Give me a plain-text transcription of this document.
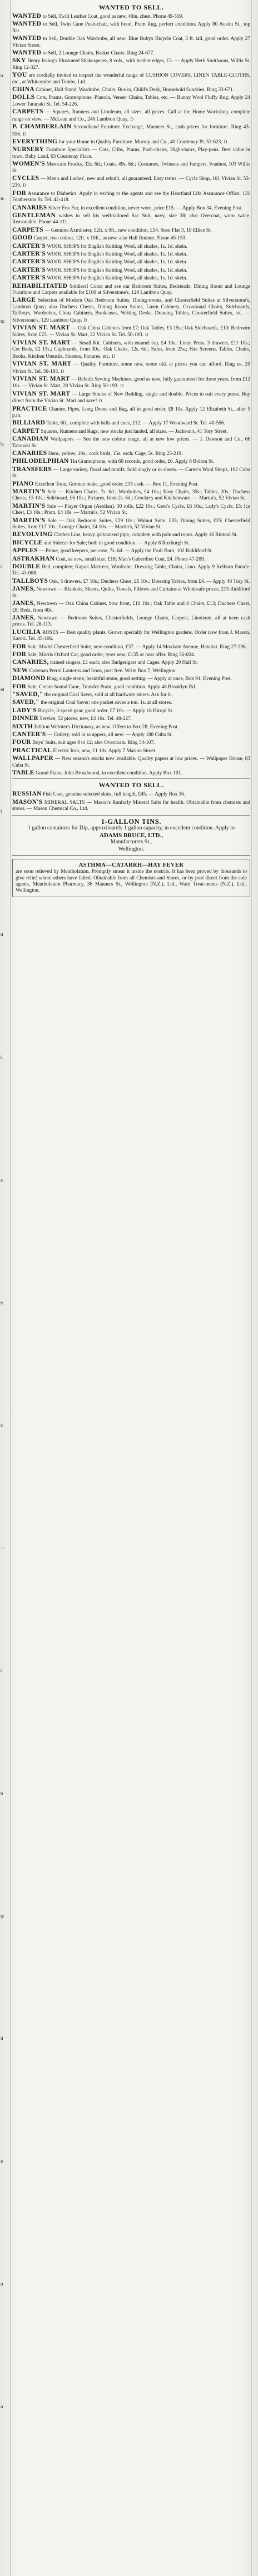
n.
a-
to
ls
t
el
f
d
l.
s
e
s
—
l.
h
ty
d
e
a
a
WANTED TO SELL.

WANTED to Sell, Twill Leather Coat, good as new, 40in. chest. Phone 49-559.

WANTED to Sell, Twin Cane Push-chair, with hood, Pram Rug, perfect condition. Apply 80 Austin St., top flat.

WANTED to Sell, Double Oak Wardrobe, all new; Blue Rubyx Bicycle Coat, 3 ft. tall, good order. Apply 27 Vivian Street.

WANTED to Sell, 2 Lounge Chairs, Basket Chairs. Ring 24-677.

SKY Henry Irving's Illustrated Shakespeare, 8 vols., with leather edges, £3. — Apply Herb Smithsons, Willis St. Ring 12-327.

YOU are cordially invited to inspect the wonderful range of CUSHION COVERS, LINEN TABLE-CLOTHS, etc., at Whitcombe and Tombs, Ltd.

CHINA Cabinet, Hall Stand, Wardrobe, Chairs, Books, Child's Desk, Household Sundries. Ring 33-671.

DOLLS Cots, Prams, Gramophone, Pianola, Veneer Chairs, Tables, etc. — Bunny Wool Fluffy Rug. Apply 24 Lower Taranaki St. Tel. 54-226.

CARPETS — Squares, Runners and Linoleum, all sizes, all prices. Call at the Home Workshop, complete range on view. — McLean and Co., 246 Lambton Quay. D

P. CHAMBERLAIN Secondhand Furniture Exchange, Manners St., cash prices for furniture. Ring 43-556. D

EVERYTHING for your Home in Quality Furniture. Murray and Co., 40 Courtenay Pl. 52-623. D

NURSERY Furniture Specialists — Cots, Cribs, Prams, Push-chairs, High-chairs, Play-pens. Best value in town. Baby Land, 63 Courtenay Place.

WOMEN'S Marocain Frocks, 32s. 6d.; Coats, 49s. 6d.; Costumes, Twinsets and Jumpers. Ivanhoe, 103 Willis St.

CYCLES — Men's and Ladies', new and rebuilt, all guaranteed. Easy terms. — Cycle Shop, 101 Vivian St. 53-230. D

FOR Assurance to Diabetics. Apply in writing to the agents and see the Heartland Life Assurance Office, 131 Featherston St. Tel. 42-418.

CANARIES Silver Fox Fur, in excellent condition, never worn, price £15. — Apply Box 34, Evening Post.

GENTLEMAN wishes to sell his well-tailored Sac Suit, navy, size 38; also Overcoat, worn twice. Reasonable. Phone 44-111.

CARPETS — Genuine Axminster, 12ft. x 9ft., new condition, £14. Seen Flat 3, 19 Ellice St.

GOOD Carpet, rose colour, 12ft. x 10ft., as new, also Hall Runner. Phone 45-153.

CARTER'S WOOL SHOPS for English Knitting Wool, all shades, 1s. 1d. skein.

CARTER'S WOOL SHOPS for English Knitting Wool, all shades, 1s. 1d. skein.

CARTER'S WOOL SHOPS for English Knitting Wool, all shades, 1s. 1d. skein.

CARTER'S WOOL SHOPS for English Knitting Wool, all shades, 1s. 1d. skein.

CARTER'S WOOL SHOPS for English Knitting Wool, all shades, 1s. 1d. skein.

REHABILITATED Soldiers! Come and see our Bedroom Suites, Bedsteads, Dining Room and Lounge Furniture and Carpets available for £100 at Silverstone's, 129 Lambton Quay.

LARGE Selection of Modern Oak Bedroom Suites, Dining-rooms, and Chesterfield Suites at Silverstone's, Lambton Quay; also Duchess Chests, Dining Room Suites, Linen Cabinets, Occasional Chairs, Sideboards, Tallboys, Wardrobes, China Cabinets, Bookcases, Writing Desks, Drawing Tables, Chesterfield Suites, etc. — Silverstone's, 129 Lambton Quay. D

VIVIAN ST. MART — Oak China Cabinets from £7; Oak Tables, £3 15s.; Oak Sideboards, £10; Bedroom Suites, from £25. — Vivian St. Mart, 22 Vivian St. Tel. 50-193. D

VIVIAN ST. MART — Small Kit. Cabinets, with enamel top, £4 10s.; Linen Press, 3 drawers, £11 10s.; Cot Beds, £2 15s.; Cupboards, from 30s.; Oak Chairs, 12s. 6d.; Safes, from 25s.; Fire Screens, Tables, Chairs, Books, Kitchen Utensils, Heaters, Pictures, etc. D

VIVIAN ST. MART — Quality Furniture, some new, some old, at prices you can afford. Ring us. 20 Vivian St. Tel. 50-193. D

VIVIAN ST. MART — Rebuilt Sewing Machines, good as new, fully guaranteed for three years, from £12 10s. — Vivian St. Mart, 20 Vivian St. Ring 50-193. D

VIVIAN ST. MART — Large Stocks of New Bedding, single and double. Prices to suit every purse. Buy direct from the Vivian St. Mart and save! D

PRACTICE Chanter, Pipes, Long Drone and Bag, all in good order, £8 10s. Apply 12 Elizabeth St., after 5 p.m.

BILLIARD Table, 6ft., complete with balls and cues, £12. — Apply 17 Woodward St. Tel. 40-556.

CARPET Squares, Runners and Rugs; new stocks just landed, all sizes. — Jackson's, 41 Tory Street.

CANADIAN Wallpapers — See the new colour range, all at new low prices. — J. Dawson and Co., 66 Taranaki St.

CANARIES Hens, yellow, 10s.; cock birds, 15s. each; Cage, 5s. Ring 25-219.

PHILODELPHIAN Tin Gramophone, with 60 records, good order, £6. Apply 8 Bolton St.

TRANSFERS — Large variety, floral and motifs. Sold singly or in sheets. — Carter's Wool Shops, 102 Cuba St.

PIANO Excellent Tone, German make, good order, £35 cash. — Box 11, Evening Post.

MARTIN'S Sale — Kitchen Chairs, 7s. 6d.; Wardrobes, £4 10s.; Easy Chairs, 35s.; Tables, 20s.; Duchess Chests, £5 10s.; Sideboard, £6 10s.; Pictures, from 2s. 6d.; Crockery and Kitchenware. — Martin's, 52 Vivian St.

MARTIN'S Sale — Player Organ (Aeolian), 30 rolls, £22 10s.; Gent's Cycle, £6 10s.; Lady's Cycle, £5; Ice Chest, £3 10s.; Pram, £4 10s. — Martin's, 52 Vivian St.

MARTIN'S Sale — Oak Bedroom Suites, £29 10s.; Walnut Suite, £35; Dining Suites, £25; Chesterfield Suites, from £17 10s.; Lounge Chairs, £4 10s. — Martin's, 52 Vivian St.

REVOLVING Clothes Line, heavy galvanised pipe, complete with pole and ropes. Apply 16 Rintoul St.

BICYCLE and Sidecar for Sale; both in good condition. — Apply 8 Roxburgh St.

APPLES — Prime, good keepers, per case, 7s. 6d. — Apply the Fruit Barn, 102 Riddiford St.

ASTRAKHAN Coat, as new, small size, £18; Man's Gaberdine Coat, £4. Phone 47-209.

DOUBLE Bed, complete; Kapok Mattress, Wardrobe, Dressing Table, Chairs, Lino. Apply 9 Kelburn Parade. Tel. 43-008.

TALLBOYS Oak, 5 drawers, £7 10s.; Duchess Chest, £6 10s.; Dressing Tables, from £4. — Apply 48 Tory St.

JANES, Newtown — Blankets, Sheets, Quilts, Towels, Pillows and Curtains at Wholesale prices. 215 Riddiford St.

JANES, Newtown — Oak China Cabinet, bow front, £10 10s.; Oak Table and 4 Chairs, £13; Duchess Chest, £8; Beds, from 40s.

JANES, Newtown — Bedroom Suites, Chesterfields, Lounge Chairs, Carpets, Linoleum, all at keen cash prices. Tel. 28-113.

LUCILIA ROSES — Best quality plants. Grown specially for Wellington gardens. Order now from J. Mason, Karori. Tel. 45-106.

FOR Sale, Model Chesterfield Suite, new condition, £37. — Apply 14 Moxham Avenue, Hataitai. Ring 27-396.

FOR Sale, Morris Oxford Car, good order, tyres new; £135 or near offer. Ring 36-024.

CANARIES, trained singers, £1 each; also Budgerigars and Cages. Apply 29 Hall St.

NEW Coleman Petrol Lanterns and Irons, post free. Write Box 7, Wellington.

DIAMOND Ring, single stone, beautiful stone, good setting. — Apply at once, Box 91, Evening Post.

FOR Sale, Cream Sound Cane, Transfer Pram, good condition. Apply 48 Brooklyn Rd.

"SAVED," the original Coal Saver, sold at all hardware stores. Ask for it.

SAVED," the original Coal Saver; one packet saves a ton. 1s. at all stores.

LADY'S Bicycle, 3-speed gear, good order, £7 10s. — Apply 16 Hiropi St.

DINNER Service, 52 pieces, new, £4 10s. Tel. 48-227.

SIXTH Edition Webster's Dictionary, as new. Offers to Box 28, Evening Post.

CANTER'S — Cutlery, sold in wrappers, all new. — Apply 188 Cuba St.

FOUR Boys' Suits, suit ages 8 to 12; also Overcoats. Ring 34-107.

PRACTICAL Electric Iron, new, £1 10s. Apply 7 Marion Street.

WALLPAPER — New season's stocks now available. Quality papers at low prices. — Wallpaper House, 83 Cuba St.

TABLE Grand Piano, John Broadwood, in excellent condition. Apply Box 101.

WANTED TO SELL.

RUSSIAN Fish Coat, genuine selected skins, full length, £45. — Apply Box 36.

MASON'S MINERAL SALTS — Mason's Ranfurly Mineral Salts for health. Obtainable from chemists and stores. — Mason Chemical Co., Ltd.

1-GALLON TINS.
1 gallon containers for Dip, approximately 1 gallon capacity, in excellent condition. Apply to
ADAMS BRUCE, LTD.,
Manufacturers St.,
Wellington.
ASTHMA—CATARRH—HAY FEVER
are soon relieved by Mentholatum. Promptly smear it inside the nostrils. It has been proved by thousands to give relief where others have failed. Obtainable from all Chemists and Stores, or by post direct from the sole agents, Mentholatum Pharmacy, 36 Manners St., Wellington (N.Z.), Ltd., Ward Treat-ments (N.Z.), Ltd., Wellington.
